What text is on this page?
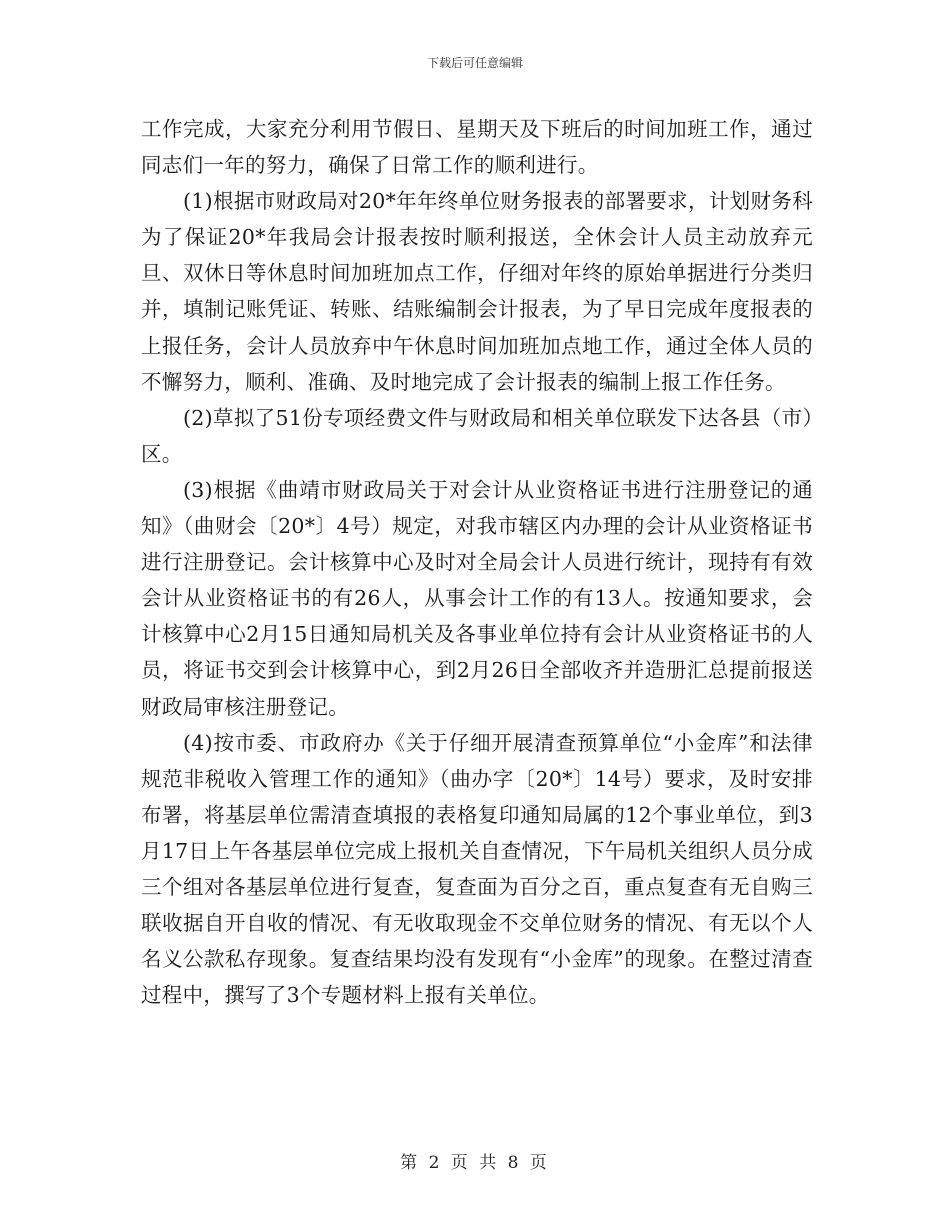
下载后可任意编辑

工作完成，大家充分利用节假日、星期天及下班后的时间加班工作，通过同志们一年的努力，确保了日常工作的顺利进行。

(1)根据市财政局对20*年年终单位财务报表的部署要求，计划财务科为了保证20*年我局会计报表按时顺利报送，全休会计人员主动放弃元旦、双休日等休息时间加班加点工作，仔细对年终的原始单据进行分类归并，填制记账凭证、转账、结账编制会计报表，为了早日完成年度报表的上报任务，会计人员放弃中午休息时间加班加点地工作，通过全体人员的不懈努力，顺利、准确、及时地完成了会计报表的编制上报工作任务。

(2)草拟了51份专项经费文件与财政局和相关单位联发下达各县（市）区。

(3)根据《曲靖市财政局关于对会计从业资格证书进行注册登记的通知》（曲财会〔20*〕4号）规定，对我市辖区内办理的会计从业资格证书进行注册登记。会计核算中心及时对全局会计人员进行统计，现持有有效会计从业资格证书的有26人，从事会计工作的有13人。按通知要求，会计核算中心2月15日通知局机关及各事业单位持有会计从业资格证书的人员，将证书交到会计核算中心，到2月26日全部收齐并造册汇总提前报送财政局审核注册登记。

(4)按市委、市政府办《关于仔细开展清查预算单位“小金库”和法律规范非税收入管理工作的通知》（曲办字〔20*〕14号）要求，及时安排布署，将基层单位需清查填报的表格复印通知局属的12个事业单位，到3月17日上午各基层单位完成上报机关自查情况，下午局机关组织人员分成三个组对各基层单位进行复查，复查面为百分之百，重点复查有无自购三联收据自开自收的情况、有无收取现金不交单位财务的情况、有无以个人名义公款私存现象。复查结果均没有发现有“小金库”的现象。在整过清查过程中，撰写了3个专题材料上报有关单位。

第 2 页 共 8 页
